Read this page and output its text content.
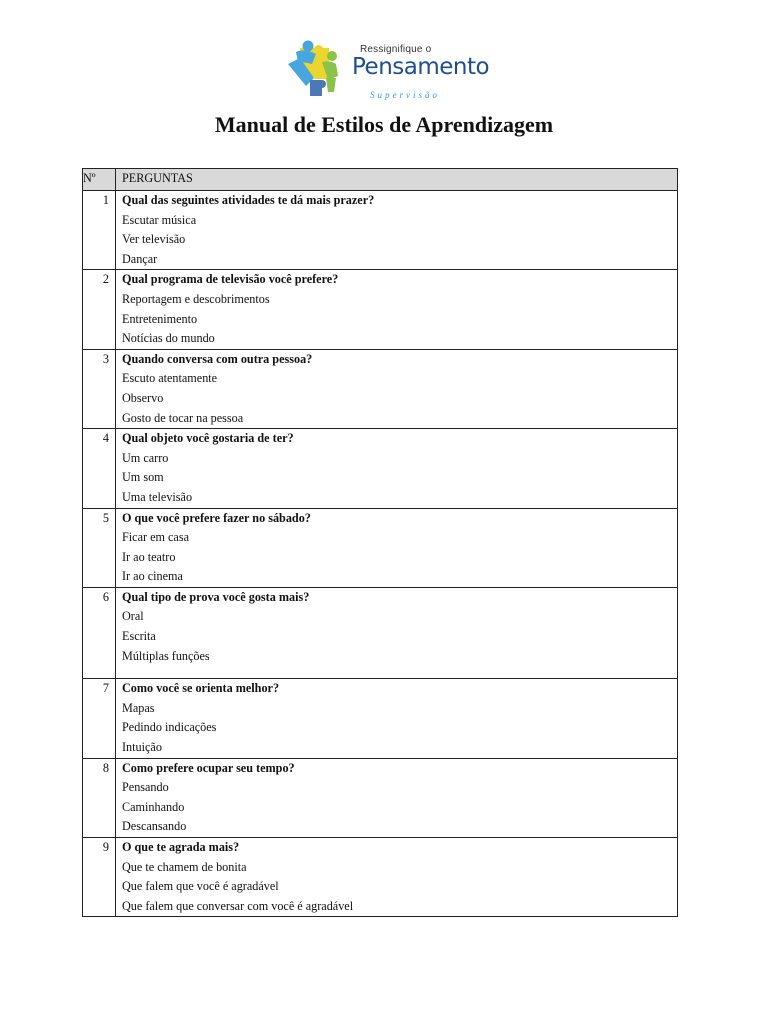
Ressignifique o
Pensamento
Supervisão
Manual de Estilos de Aprendizagem
Nº	PERGUNTAS
1	Qual das seguintes atividades te dá mais prazer?
Escutar música
Ver televisão
Dançar

2	Qual programa de televisão você prefere?
Reportagem e descobrimentos
Entretenimento
Notícias do mundo

3	Quando conversa com outra pessoa?
Escuto atentamente
Observo
Gosto de tocar na pessoa

4	Qual objeto você gostaria de ter?
Um carro
Um som
Uma televisão

5	O que você prefere fazer no sábado?
Ficar em casa
Ir ao teatro
Ir ao cinema

6	Qual tipo de prova você gosta mais?
Oral
Escrita
Múltiplas funções

7	Como você se orienta melhor?
Mapas
Pedindo indicações
Intuição

8	Como prefere ocupar seu tempo?
Pensando
Caminhando
Descansando

9	O que te agrada mais?
Que te chamem de bonita
Que falem que você é agradável
Que falem que conversar com você é agradável
